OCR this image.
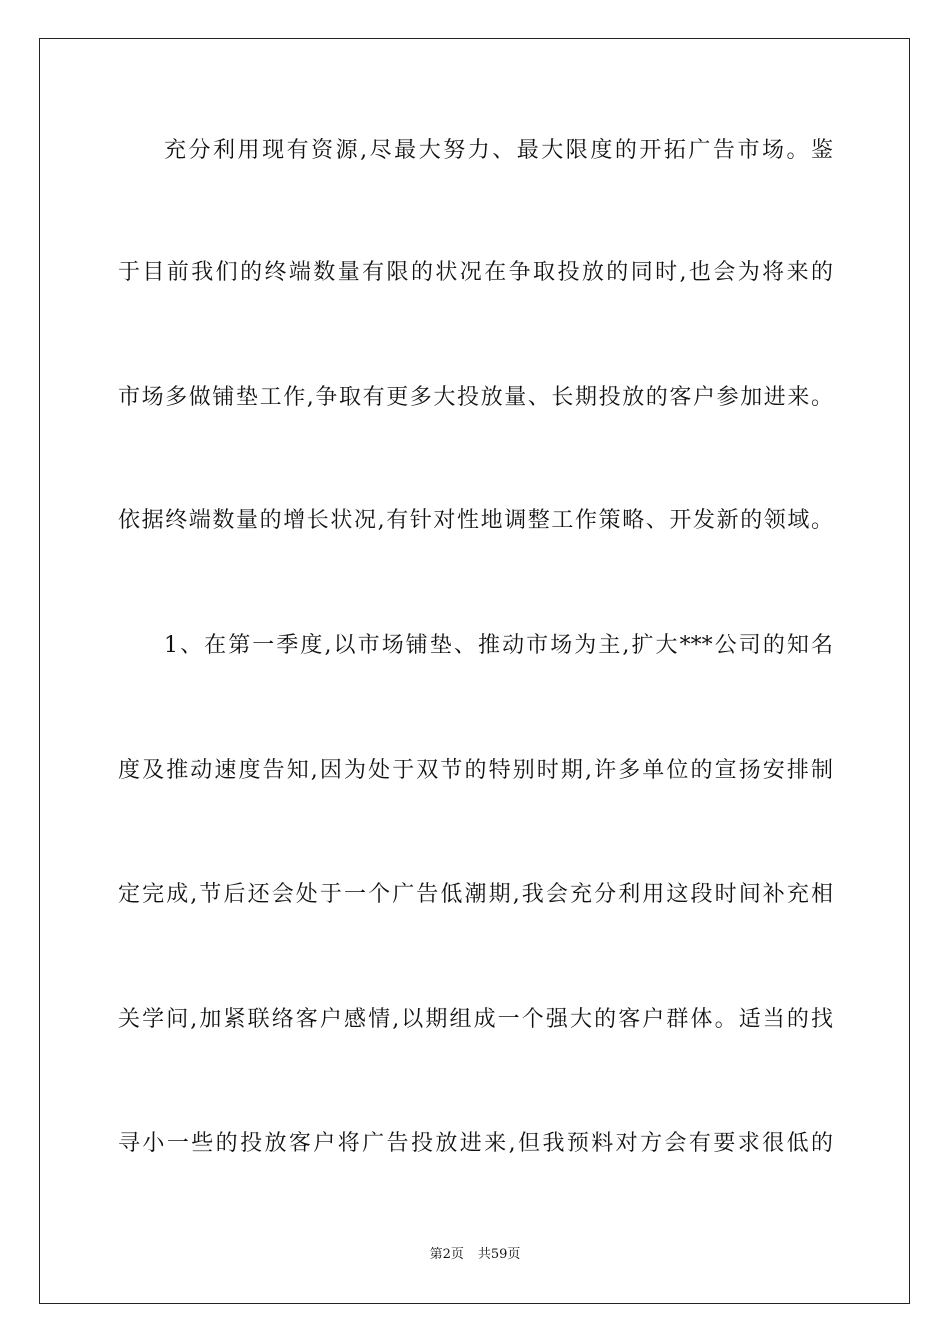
充分利用现有资源,尽最大努力、最大限度的开拓广告市场。鉴
于目前我们的终端数量有限的状况在争取投放的同时,也会为将来的
市场多做铺垫工作,争取有更多大投放量、长期投放的客户参加进来。
依据终端数量的增长状况,有针对性地调整工作策略、开发新的领域。
1、在第一季度,以市场铺垫、推动市场为主,扩大***公司的知名
度及推动速度告知,因为处于双节的特别时期,许多单位的宣扬安排制
定完成,节后还会处于一个广告低潮期,我会充分利用这段时间补充相
关学问,加紧联络客户感情,以期组成一个强大的客户群体。适当的找
寻小一些的投放客户将广告投放进来,但我预料对方会有要求很低的
第2页 共59页
